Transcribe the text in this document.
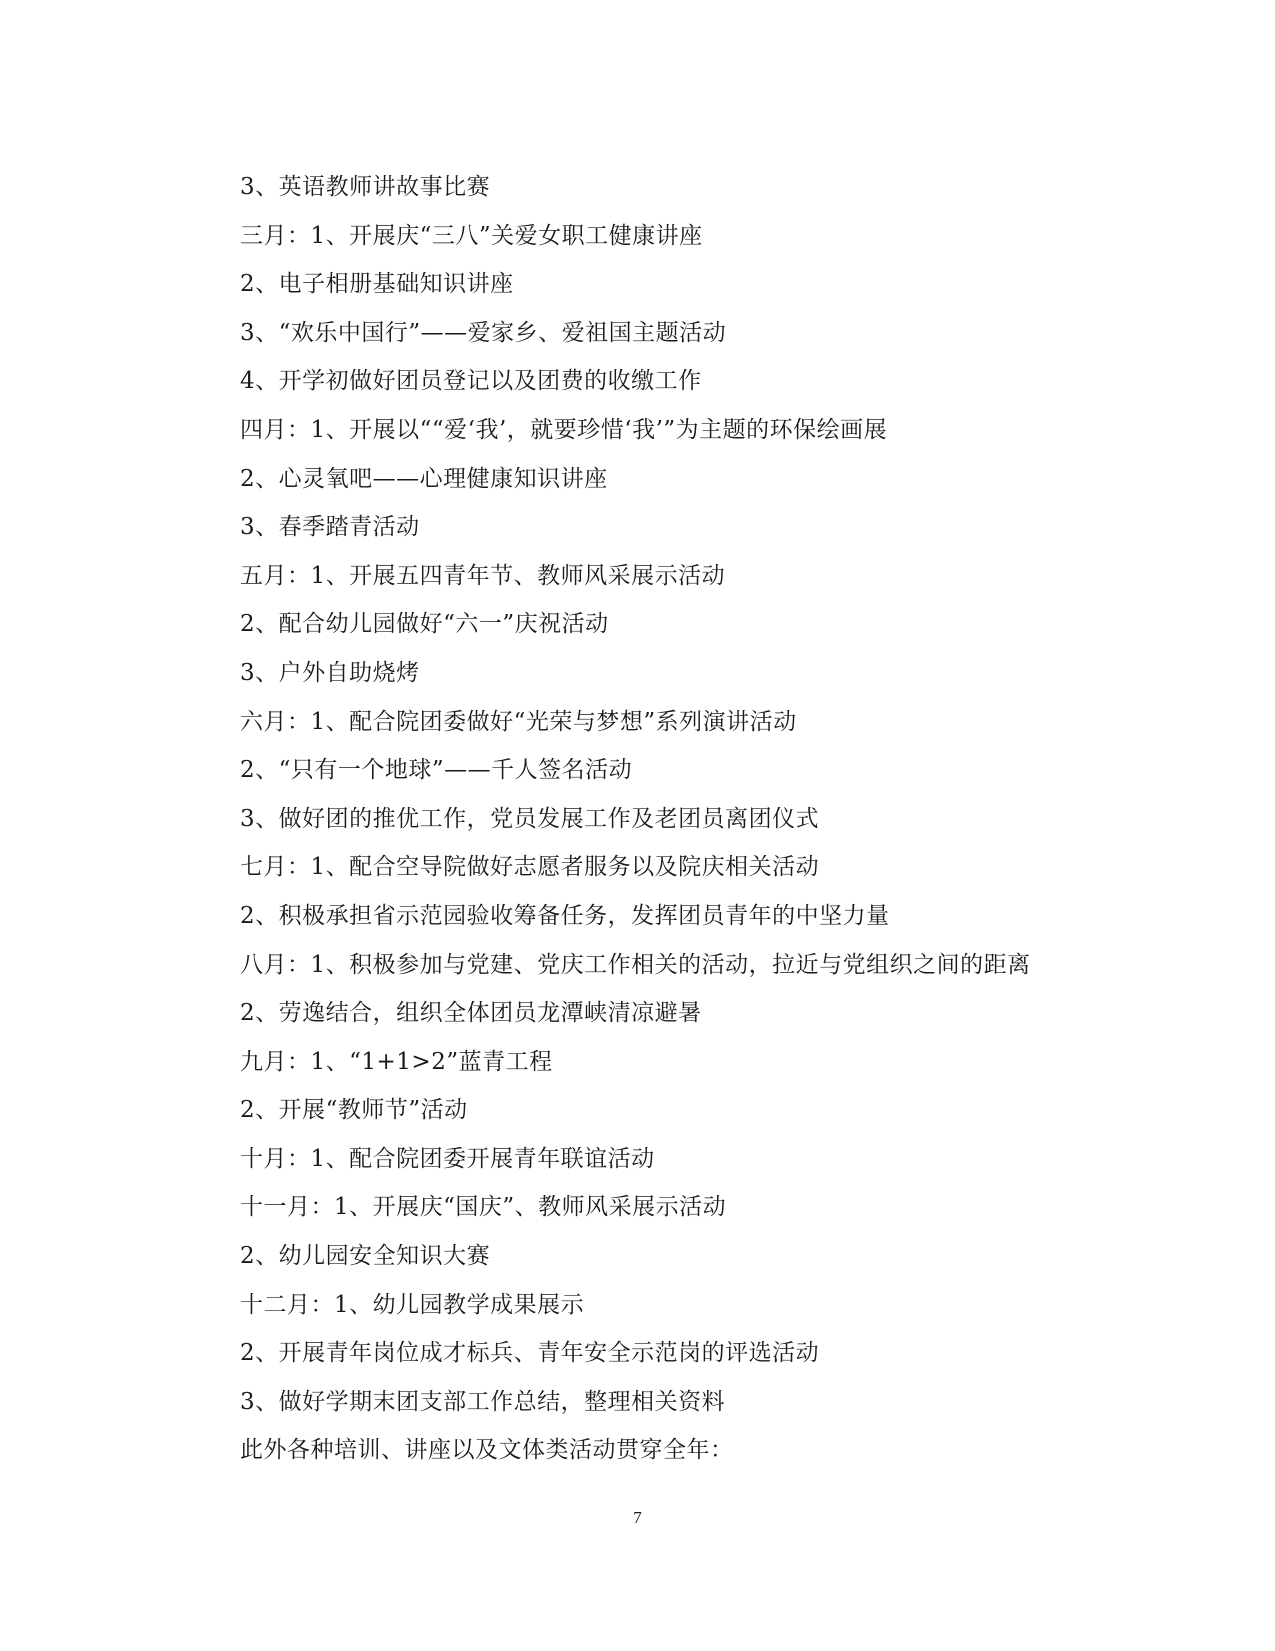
3、英语教师讲故事比赛
三月：1、开展庆“三八”关爱女职工健康讲座
2、电子相册基础知识讲座
3、“欢乐中国行”——爱家乡、爱祖国主题活动
4、开学初做好团员登记以及团费的收缴工作
四月：1、开展以““爱‘我’，就要珍惜‘我’”为主题的环保绘画展
2、心灵氧吧——心理健康知识讲座
3、春季踏青活动
五月：1、开展五四青年节、教师风采展示活动
2、配合幼儿园做好“六一”庆祝活动
3、户外自助烧烤
六月：1、配合院团委做好“光荣与梦想”系列演讲活动
2、“只有一个地球”——千人签名活动
3、做好团的推优工作，党员发展工作及老团员离团仪式
七月：1、配合空导院做好志愿者服务以及院庆相关活动
2、积极承担省示范园验收筹备任务，发挥团员青年的中坚力量
八月：1、积极参加与党建、党庆工作相关的活动，拉近与党组织之间的距离
2、劳逸结合，组织全体团员龙潭峡清凉避暑
九月：1、“1+1>2”蓝青工程
2、开展“教师节”活动
十月：1、配合院团委开展青年联谊活动
十一月：1、开展庆“国庆”、教师风采展示活动
2、幼儿园安全知识大赛
十二月：1、幼儿园教学成果展示
2、开展青年岗位成才标兵、青年安全示范岗的评选活动
3、做好学期末团支部工作总结，整理相关资料
此外各种培训、讲座以及文体类活动贯穿全年：
7
